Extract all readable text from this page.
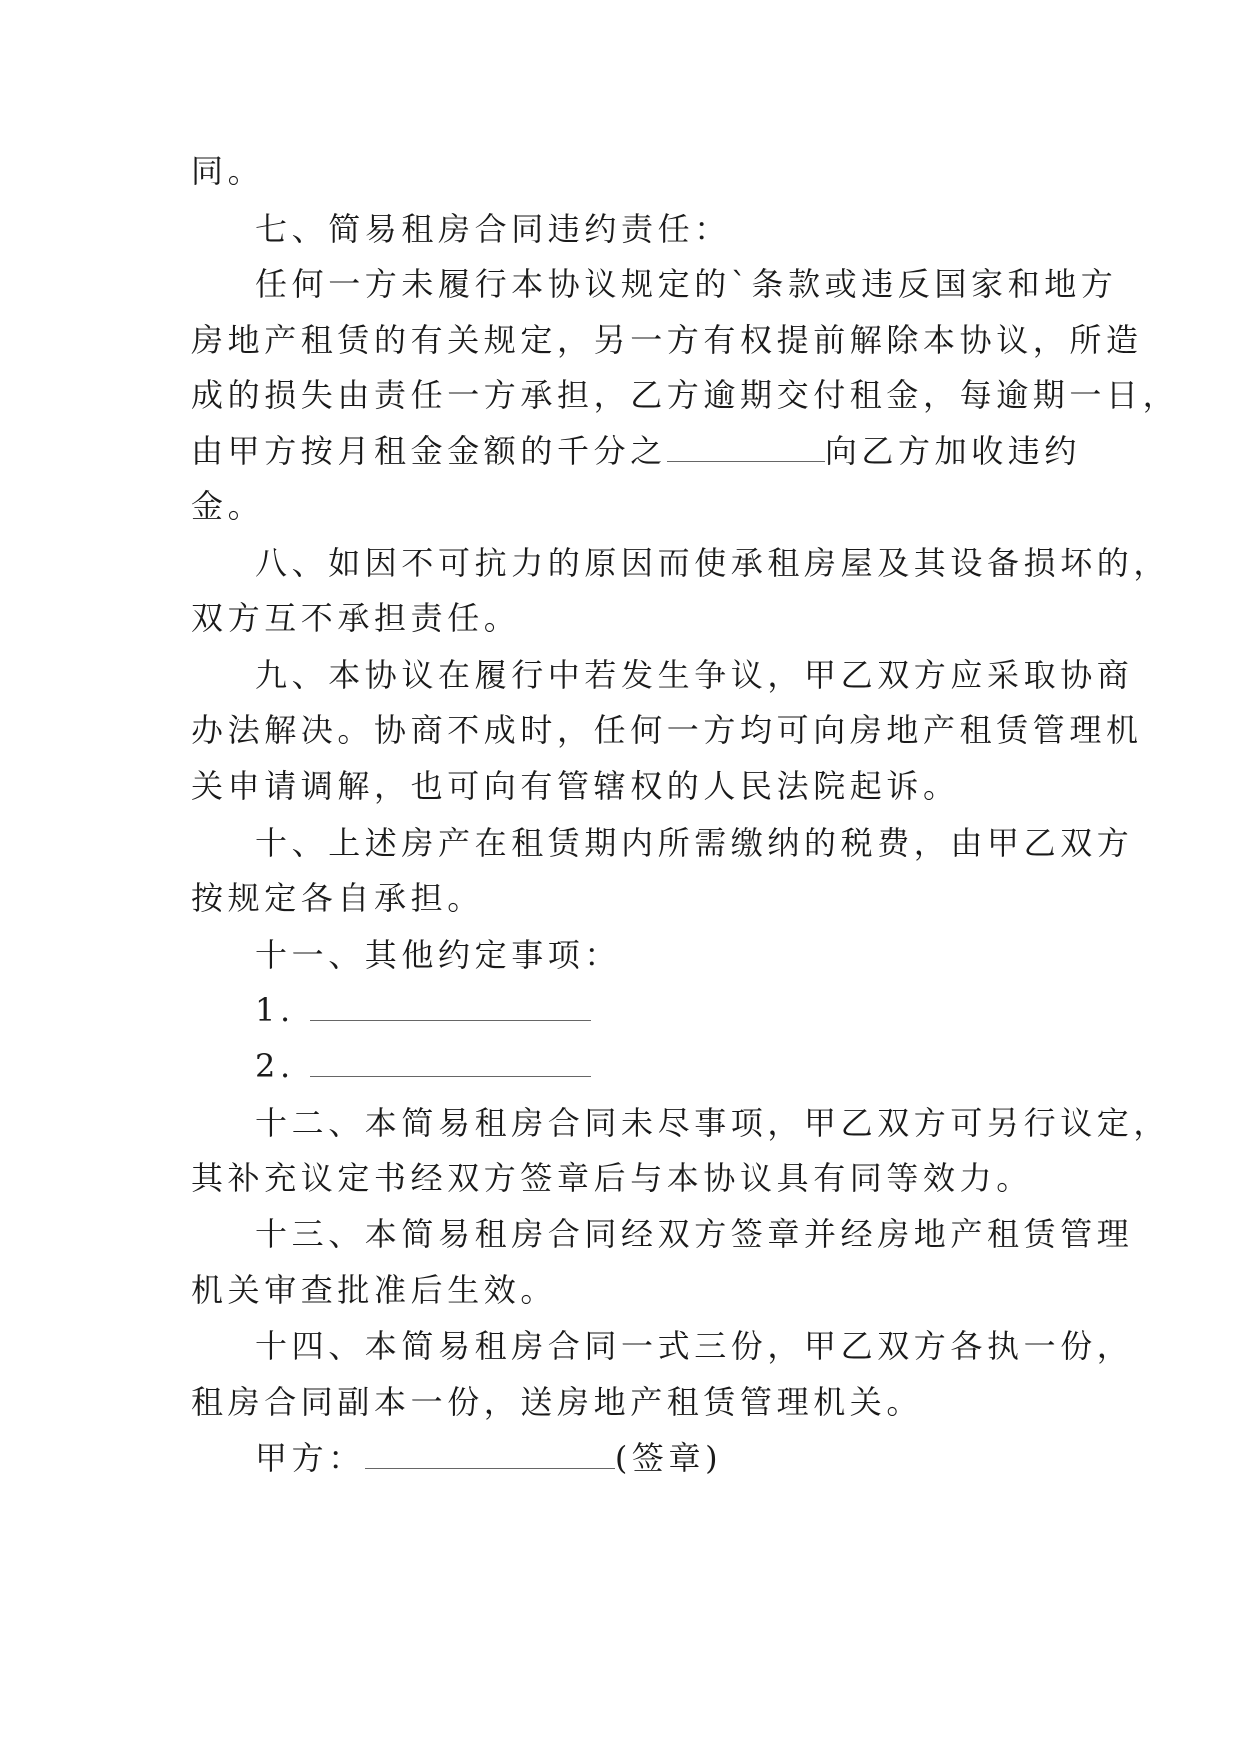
同。
七、简易租房合同违约责任：
任何一方未履行本协议规定的`条款或违反国家和地方
房地产租赁的有关规定，另一方有权提前解除本协议，所造
成的损失由责任一方承担，乙方逾期交付租金，每逾期一日，
由甲方按月租金金额的千分之	向乙方加收违约
金。
八、如因不可抗力的原因而使承租房屋及其设备损坏的，
双方互不承担责任。
九、本协议在履行中若发生争议，甲乙双方应采取协商
办法解决。协商不成时，任何一方均可向房地产租赁管理机
关申请调解，也可向有管辖权的人民法院起诉。
十、上述房产在租赁期内所需缴纳的税费，由甲乙双方
按规定各自承担。
十一、其他约定事项：
1.
2.
十二、本简易租房合同未尽事项，甲乙双方可另行议定，
其补充议定书经双方签章后与本协议具有同等效力。
十三、本简易租房合同经双方签章并经房地产租赁管理
机关审查批准后生效。
十四、本简易租房合同一式三份，甲乙双方各执一份，
租房合同副本一份，送房地产租赁管理机关。
甲方：	(签章)
